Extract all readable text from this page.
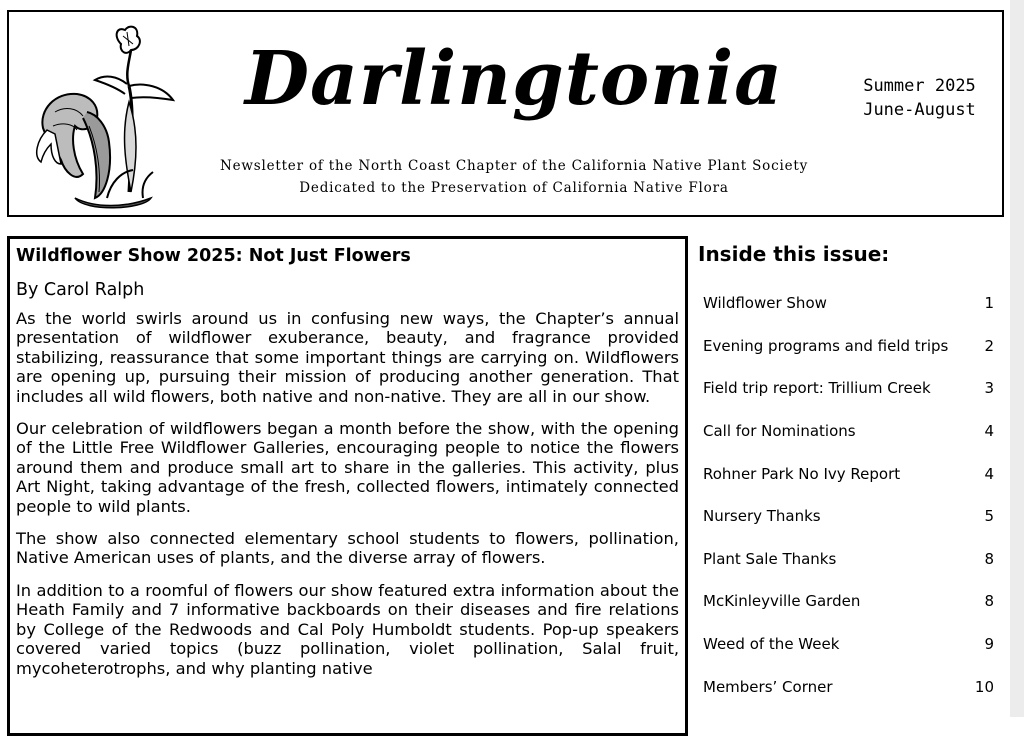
Darlingtonia	Summer 2025
June-August
Newsletter of the North Coast Chapter of the California Native Plant Society
Dedicated to the Preservation of California Native Flora
Wildflower Show 2025: Not Just Flowers

By Carol Ralph

As the world swirls around us in confusing new ways, the Chapter’s annual presentation of wildflower exuberance, beauty, and fragrance provided stabilizing, reassurance that some important things are carrying on. Wildflowers are opening up, pursuing their mission of producing another generation. That includes all wild flowers, both native and non-native. They are all in our show.

Our celebration of wildflowers began a month before the show, with the opening of the Little Free Wildflower Galleries, encouraging people to notice the flowers around them and produce small art to share in the galleries. This activity, plus Art Night, taking advantage of the fresh, collected flowers, intimately connected people to wild plants.

The show also connected elementary school students to flowers, pollination, Native American uses of plants, and the diverse array of flowers.

In addition to a roomful of flowers our show featured extra information about the Heath Family and 7 informative backboards on their diseases and fire relations by College of the Redwoods and Cal Poly Humboldt students. Pop-up speakers covered varied topics (buzz pollination, violet pollination, Salal fruit, mycoheterotrophs, and why planting native

Inside this issue:
Wildflower Show	1
Evening programs and field trips	2
Field trip report: Trillium Creek	3
Call for Nominations	4
Rohner Park No Ivy Report	4
Nursery Thanks	5
Plant Sale Thanks	8
McKinleyville Garden	8
Weed of the Week	9
Members’ Corner	10
